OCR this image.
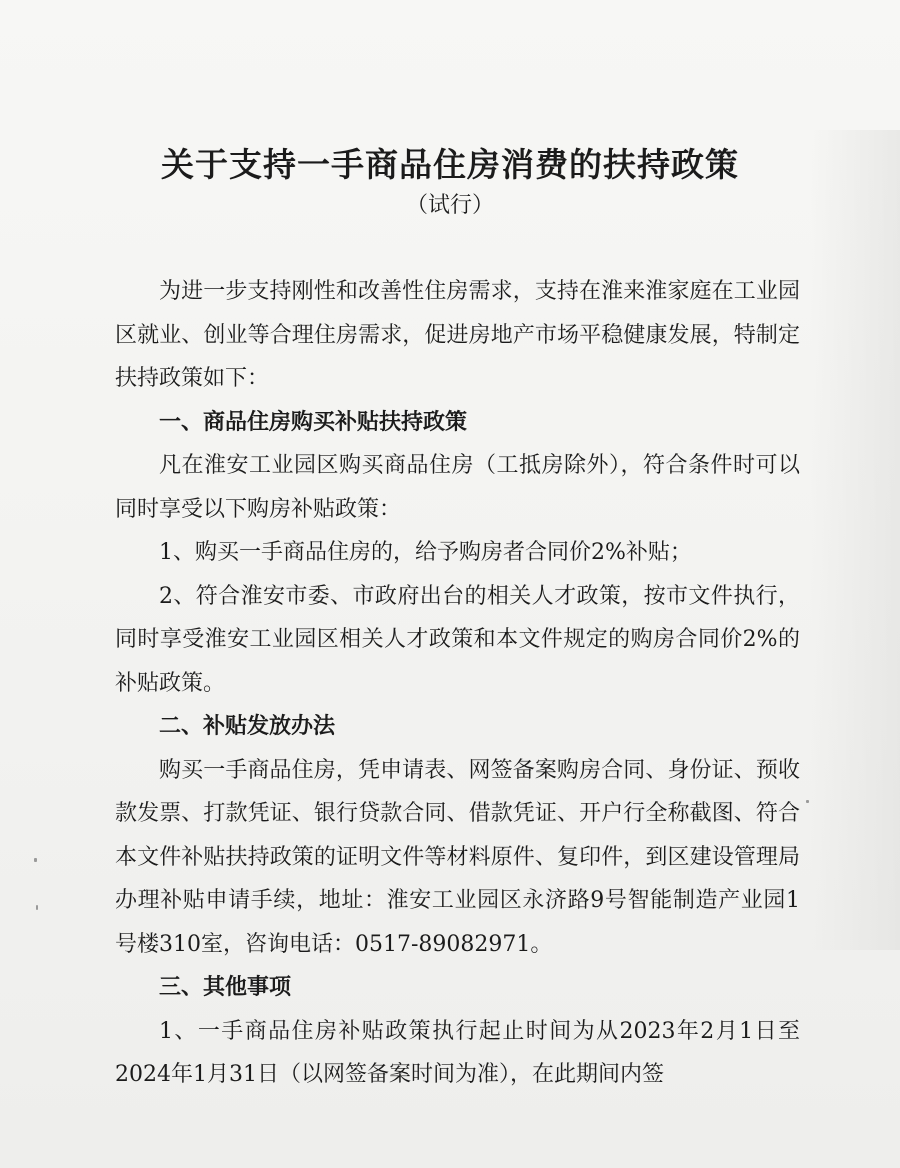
关于支持一手商品住房消费的扶持政策
（试行）

为进一步支持刚性和改善性住房需求，支持在淮来淮家庭在工业园区就业、创业等合理住房需求，促进房地产市场平稳健康发展，特制定扶持政策如下：

一、商品住房购买补贴扶持政策

凡在淮安工业园区购买商品住房（工抵房除外），符合条件时可以同时享受以下购房补贴政策：

1、购买一手商品住房的，给予购房者合同价2%补贴；

2、符合淮安市委、市政府出台的相关人才政策，按市文件执行，同时享受淮安工业园区相关人才政策和本文件规定的购房合同价2%的补贴政策。

二、补贴发放办法

购买一手商品住房，凭申请表、网签备案购房合同、身份证、预收款发票、打款凭证、银行贷款合同、借款凭证、开户行全称截图、符合本文件补贴扶持政策的证明文件等材料原件、复印件，到区建设管理局办理补贴申请手续，地址：淮安工业园区永济路9号智能制造产业园1号楼310室，咨询电话：0517-89082971。

三、其他事项

1、一手商品住房补贴政策执行起止时间为从2023年2月1日至2024年1月31日（以网签备案时间为准），在此期间内签
